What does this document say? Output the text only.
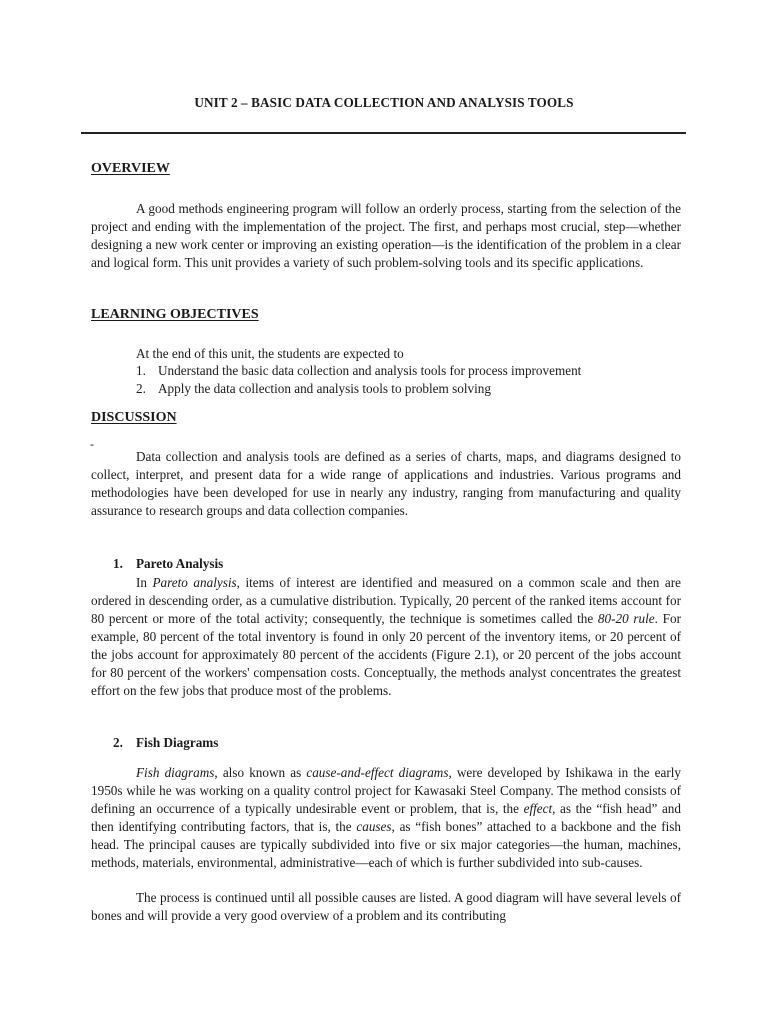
UNIT 2 – BASIC DATA COLLECTION AND ANALYSIS TOOLS
OVERVIEW

A good methods engineering program will follow an orderly process, starting from the selection of the project and ending with the implementation of the project. The first, and perhaps most crucial, step—whether designing a new work center or improving an existing operation—is the identification of the problem in a clear and logical form. This unit provides a variety of such problem-solving tools and its specific applications.

LEARNING OBJECTIVES

At the end of this unit, the students are expected to

1. Understand the basic data collection and analysis tools for process improvement
2. Apply the data collection and analysis tools to problem solving
DISCUSSION
-

Data collection and analysis tools are defined as a series of charts, maps, and diagrams designed to collect, interpret, and present data for a wide range of applications and industries. Various programs and methodologies have been developed for use in nearly any industry, ranging from manufacturing and quality assurance to research groups and data collection companies.

1. Pareto Analysis

In Pareto analysis, items of interest are identified and measured on a common scale and then are ordered in descending order, as a cumulative distribution. Typically, 20 percent of the ranked items account for 80 percent or more of the total activity; consequently, the technique is sometimes called the 80-20 rule. For example, 80 percent of the total inventory is found in only 20 percent of the inventory items, or 20 percent of the jobs account for approximately 80 percent of the accidents (Figure 2.1), or 20 percent of the jobs account for 80 percent of the workers' compensation costs. Conceptually, the methods analyst concentrates the greatest effort on the few jobs that produce most of the problems.

2. Fish Diagrams

Fish diagrams, also known as cause-and-effect diagrams, were developed by Ishikawa in the early 1950s while he was working on a quality control project for Kawasaki Steel Company. The method consists of defining an occurrence of a typically undesirable event or problem, that is, the effect, as the “fish head” and then identifying contributing factors, that is, the causes, as “fish bones” attached to a backbone and the fish head. The principal causes are typically subdivided into five or six major categories—the human, machines, methods, materials, environmental, administrative—each of which is further subdivided into sub-causes.

The process is continued until all possible causes are listed. A good diagram will have several levels of bones and will provide a very good overview of a problem and its contributing
